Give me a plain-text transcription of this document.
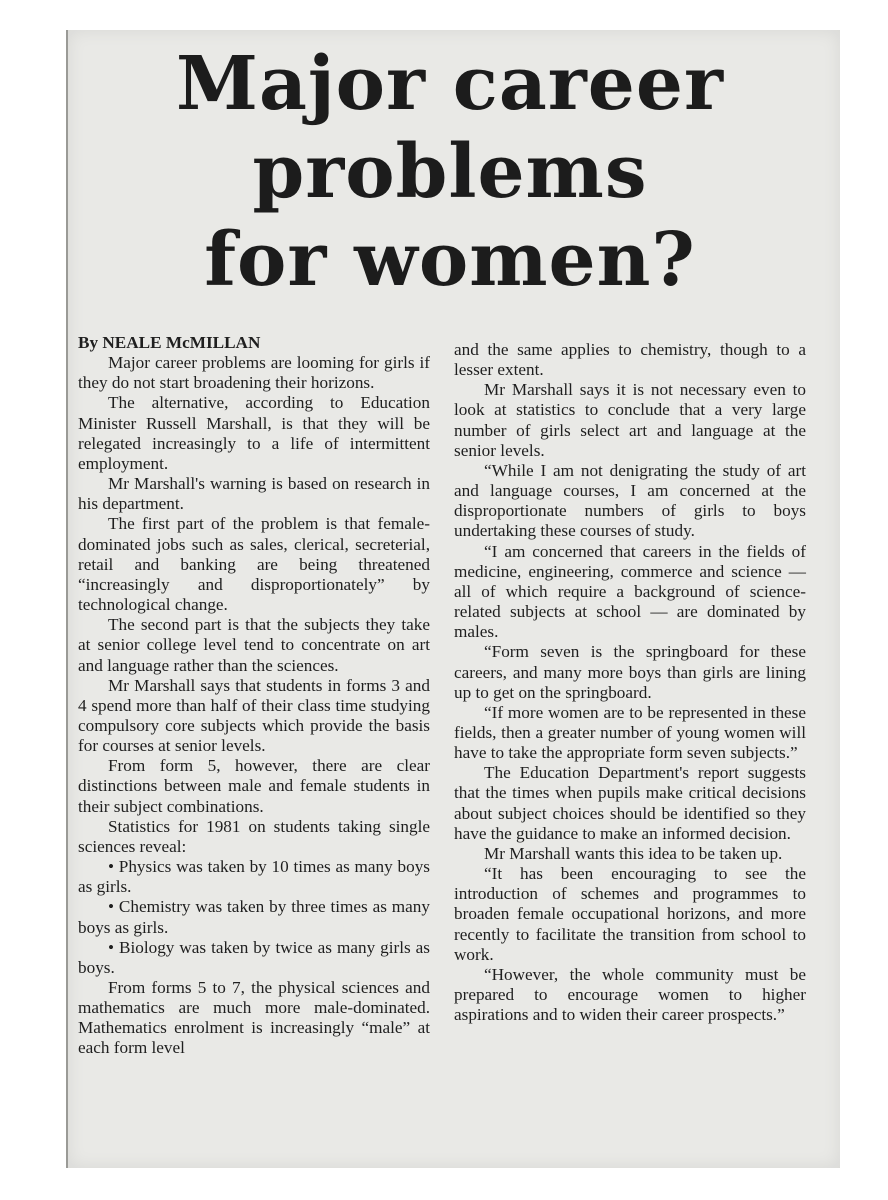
Major career
problems
for women?

By NEALE McMILLAN

Major career problems are looming for girls if they do not start broadening their horizons.

The alternative, according to Education Minister Russell Marshall, is that they will be relegated increasingly to a life of intermittent employment.

Mr Marshall's warning is based on research in his department.

The first part of the problem is that female-dominated jobs such as sales, clerical, secreterial, retail and banking are being threatened “increasingly and disproportionately” by technological change.

The second part is that the subjects they take at senior college level tend to concentrate on art and language rather than the sciences.

Mr Marshall says that students in forms 3 and 4 spend more than half of their class time studying compulsory core subjects which provide the basis for courses at senior levels.

From form 5, however, there are clear distinctions between male and female students in their subject combinations.

Statistics for 1981 on students taking single sciences reveal:

• Physics was taken by 10 times as many boys as girls.

• Chemistry was taken by three times as many boys as girls.

• Biology was taken by twice as many girls as boys.

From forms 5 to 7, the physical sciences and mathematics are much more male-dominated. Mathematics enrolment is increasingly “male” at each form level

and the same applies to chemistry, though to a lesser extent.

Mr Marshall says it is not necessary even to look at statistics to conclude that a very large number of girls select art and language at the senior levels.

“While I am not denigrating the study of art and language courses, I am concerned at the disproportionate numbers of girls to boys undertaking these courses of study.

“I am concerned that careers in the fields of medicine, engineering, commerce and science — all of which require a background of science-related subjects at school — are dominated by males.

“Form seven is the springboard for these careers, and many more boys than girls are lining up to get on the springboard.

“If more women are to be represented in these fields, then a greater number of young women will have to take the appropriate form seven subjects.”

The Education Department's report suggests that the times when pupils make critical decisions about subject choices should be identified so they have the guidance to make an informed decision.

Mr Marshall wants this idea to be taken up.

“It has been encouraging to see the introduction of schemes and programmes to broaden female occupational horizons, and more recently to facilitate the transition from school to work.

“However, the whole community must be prepared to encourage women to higher aspirations and to widen their career prospects.”
